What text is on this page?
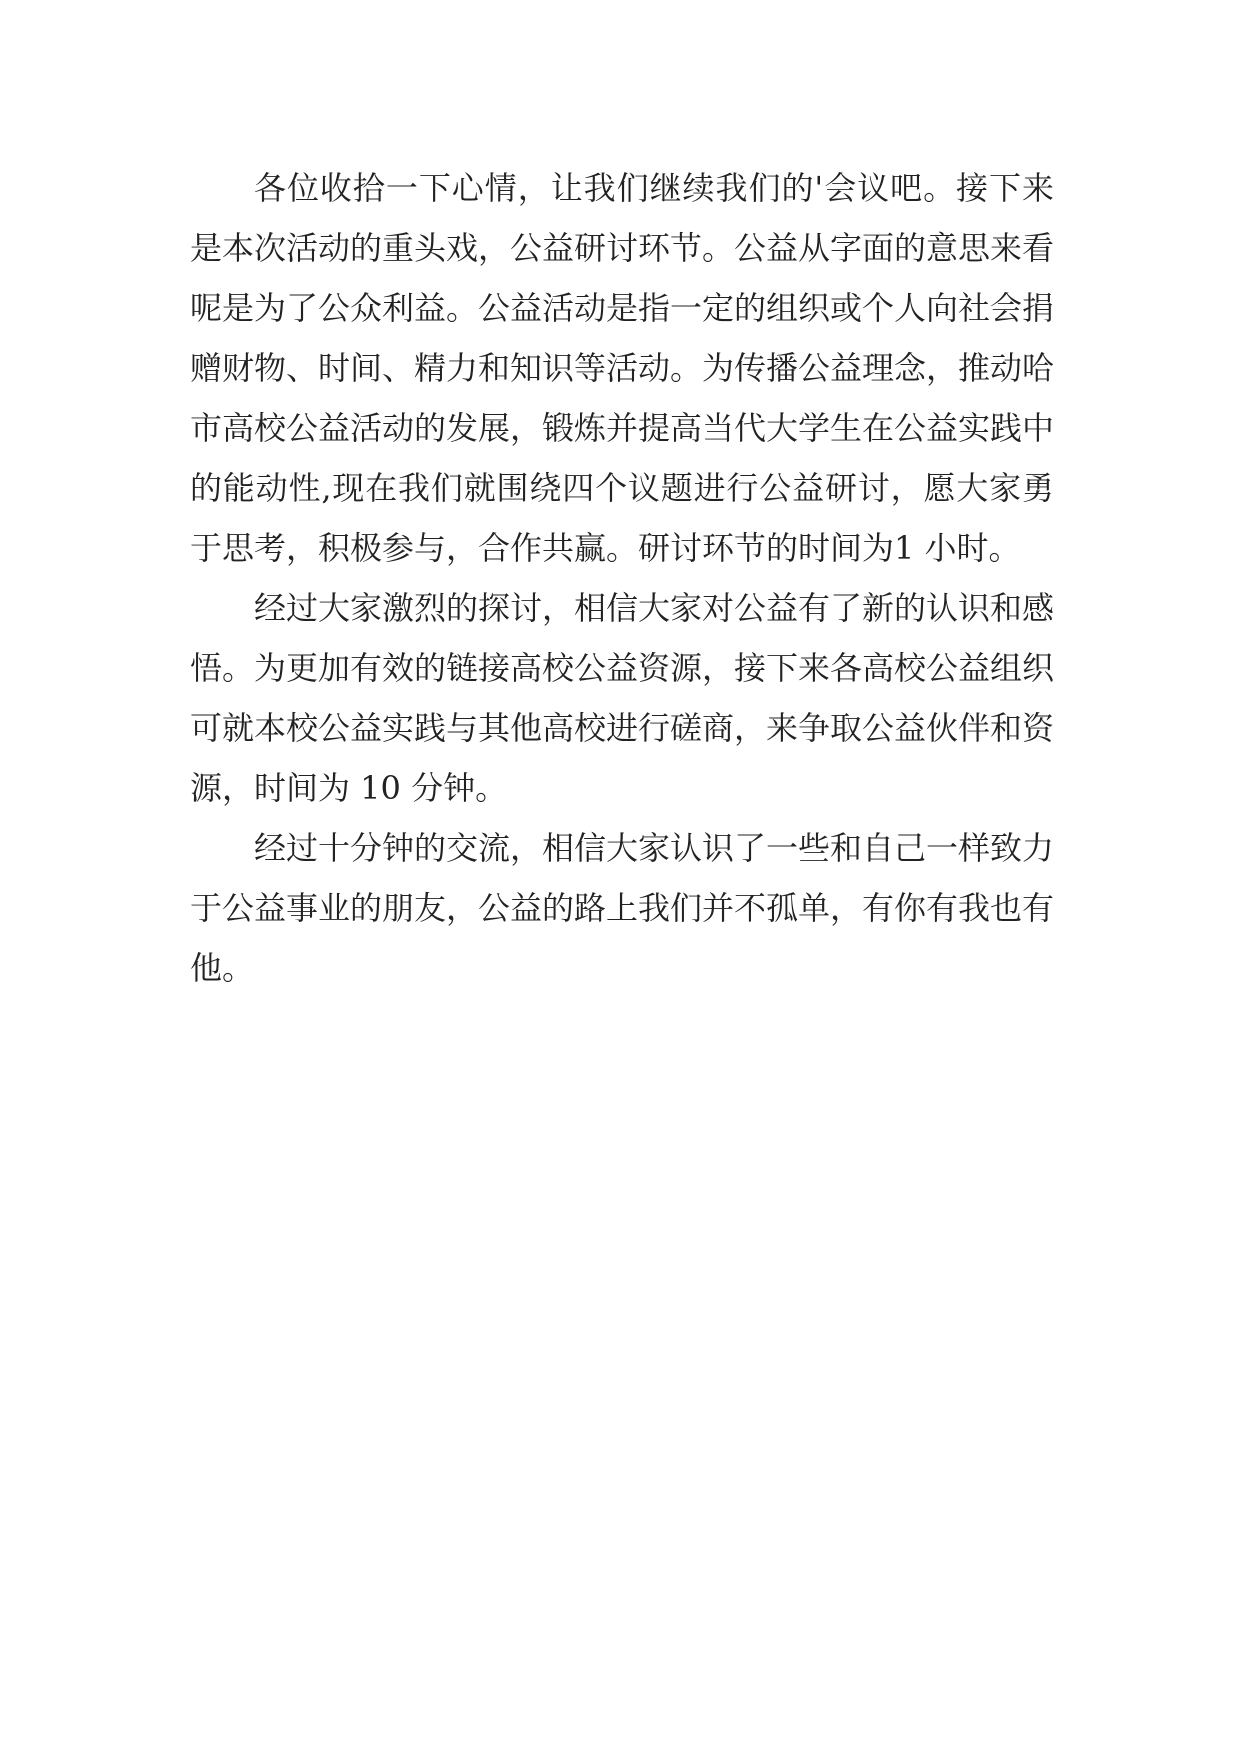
各位收拾一下心情，让我们继续我们的'会议吧。接下来是本次活动的重头戏，公益研讨环节。公益从字面的意思来看呢是为了公众利益。公益活动是指一定的组织或个人向社会捐赠财物、时间、精力和知识等活动。为传播公益理念，推动哈市高校公益活动的发展，锻炼并提高当代大学生在公益实践中的能动性,现在我们就围绕四个议题进行公益研讨，愿大家勇于思考，积极参与，合作共赢。研讨环节的时间为1 小时。

经过大家激烈的探讨，相信大家对公益有了新的认识和感悟。为更加有效的链接高校公益资源，接下来各高校公益组织可就本校公益实践与其他高校进行磋商，来争取公益伙伴和资源，时间为 10 分钟。

经过十分钟的交流，相信大家认识了一些和自己一样致力于公益事业的朋友，公益的路上我们并不孤单，有你有我也有他。
